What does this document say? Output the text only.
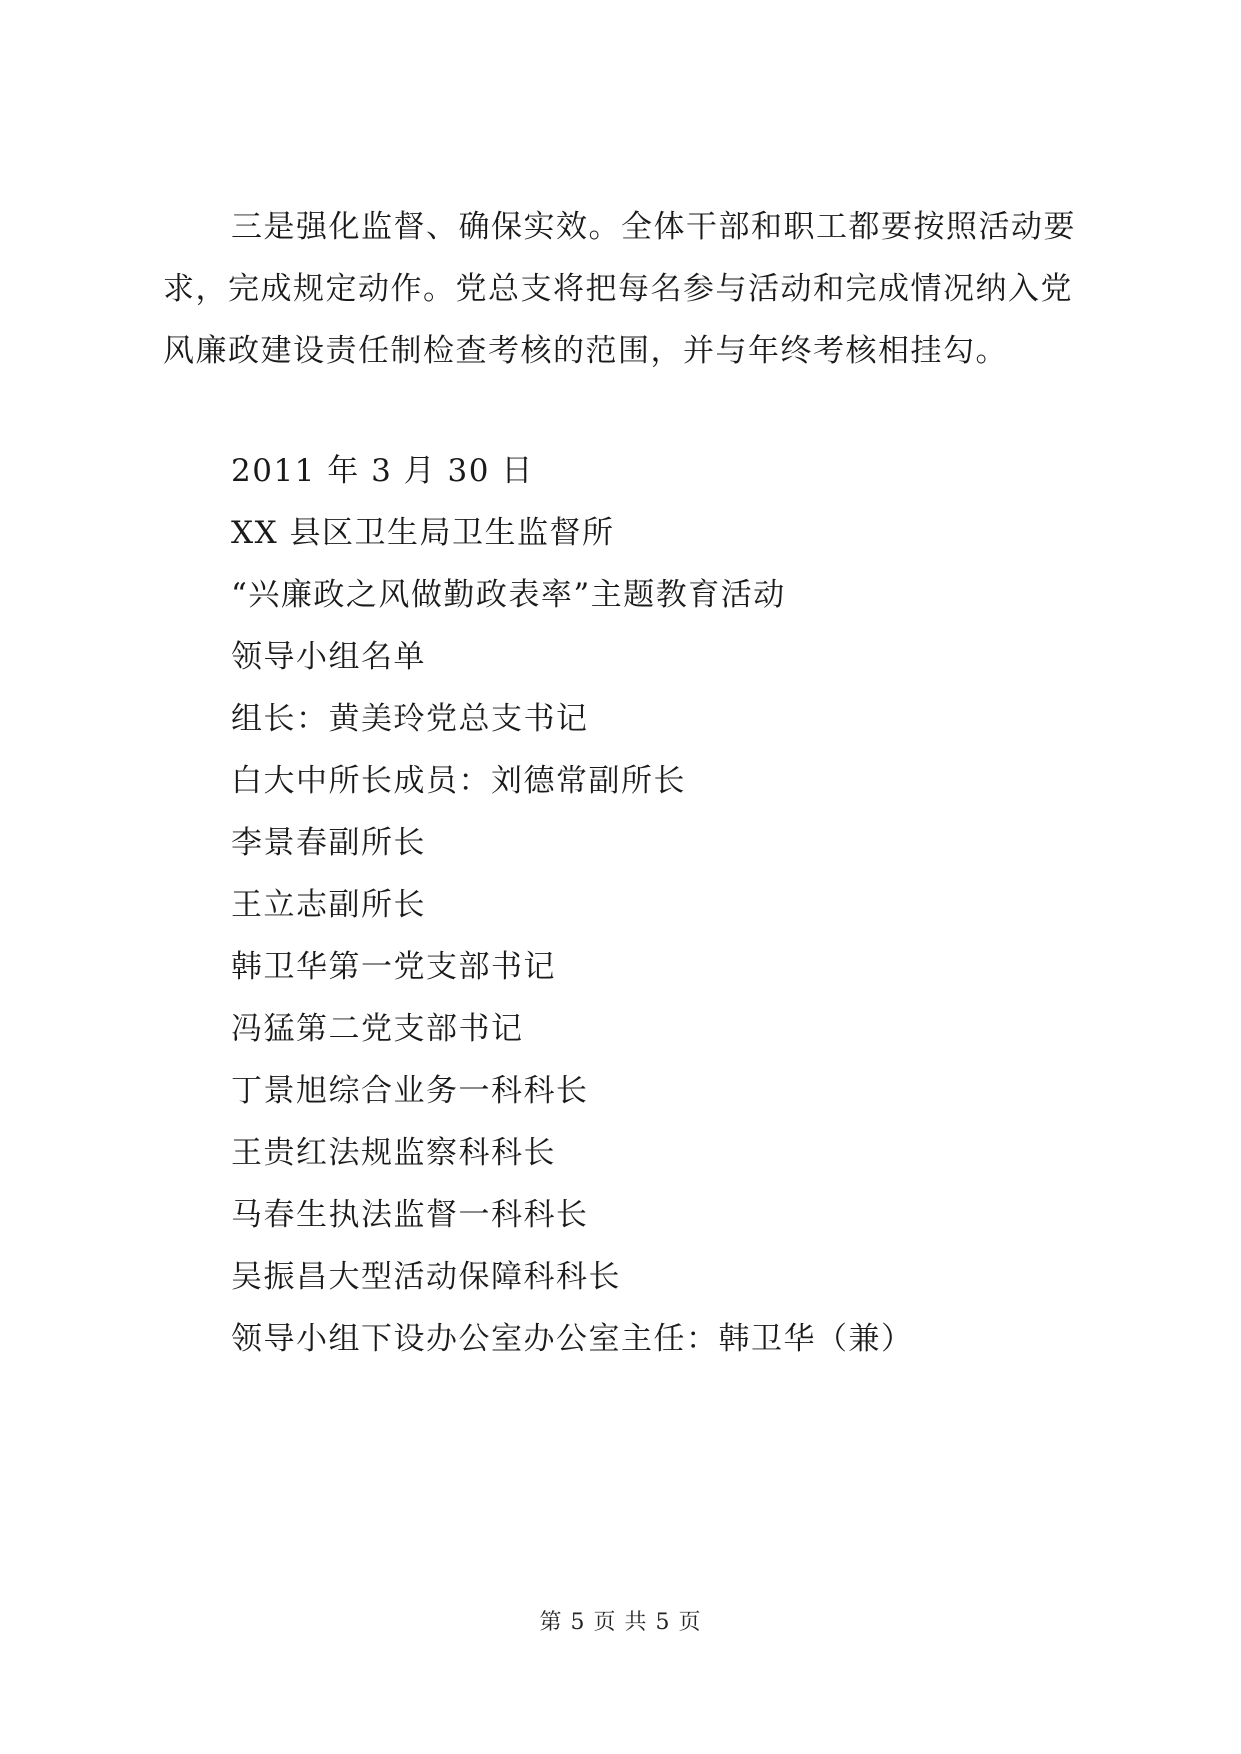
三是强化监督、确保实效。全体干部和职工都要按照活动要
求，完成规定动作。党总支将把每名参与活动和完成情况纳入党
风廉政建设责任制检查考核的范围，并与年终考核相挂勾。

2011 年 3 月 30 日
XX 县区卫生局卫生监督所
“兴廉政之风做勤政表率”主题教育活动
领导小组名单
组长：黄美玲党总支书记
白大中所长成员：刘德常副所长
李景春副所长
王立志副所长
韩卫华第一党支部书记
冯猛第二党支部书记
丁景旭综合业务一科科长
王贵红法规监察科科长
马春生执法监督一科科长
吴振昌大型活动保障科科长
领导小组下设办公室办公室主任：韩卫华（兼）
第 5 页 共 5 页
